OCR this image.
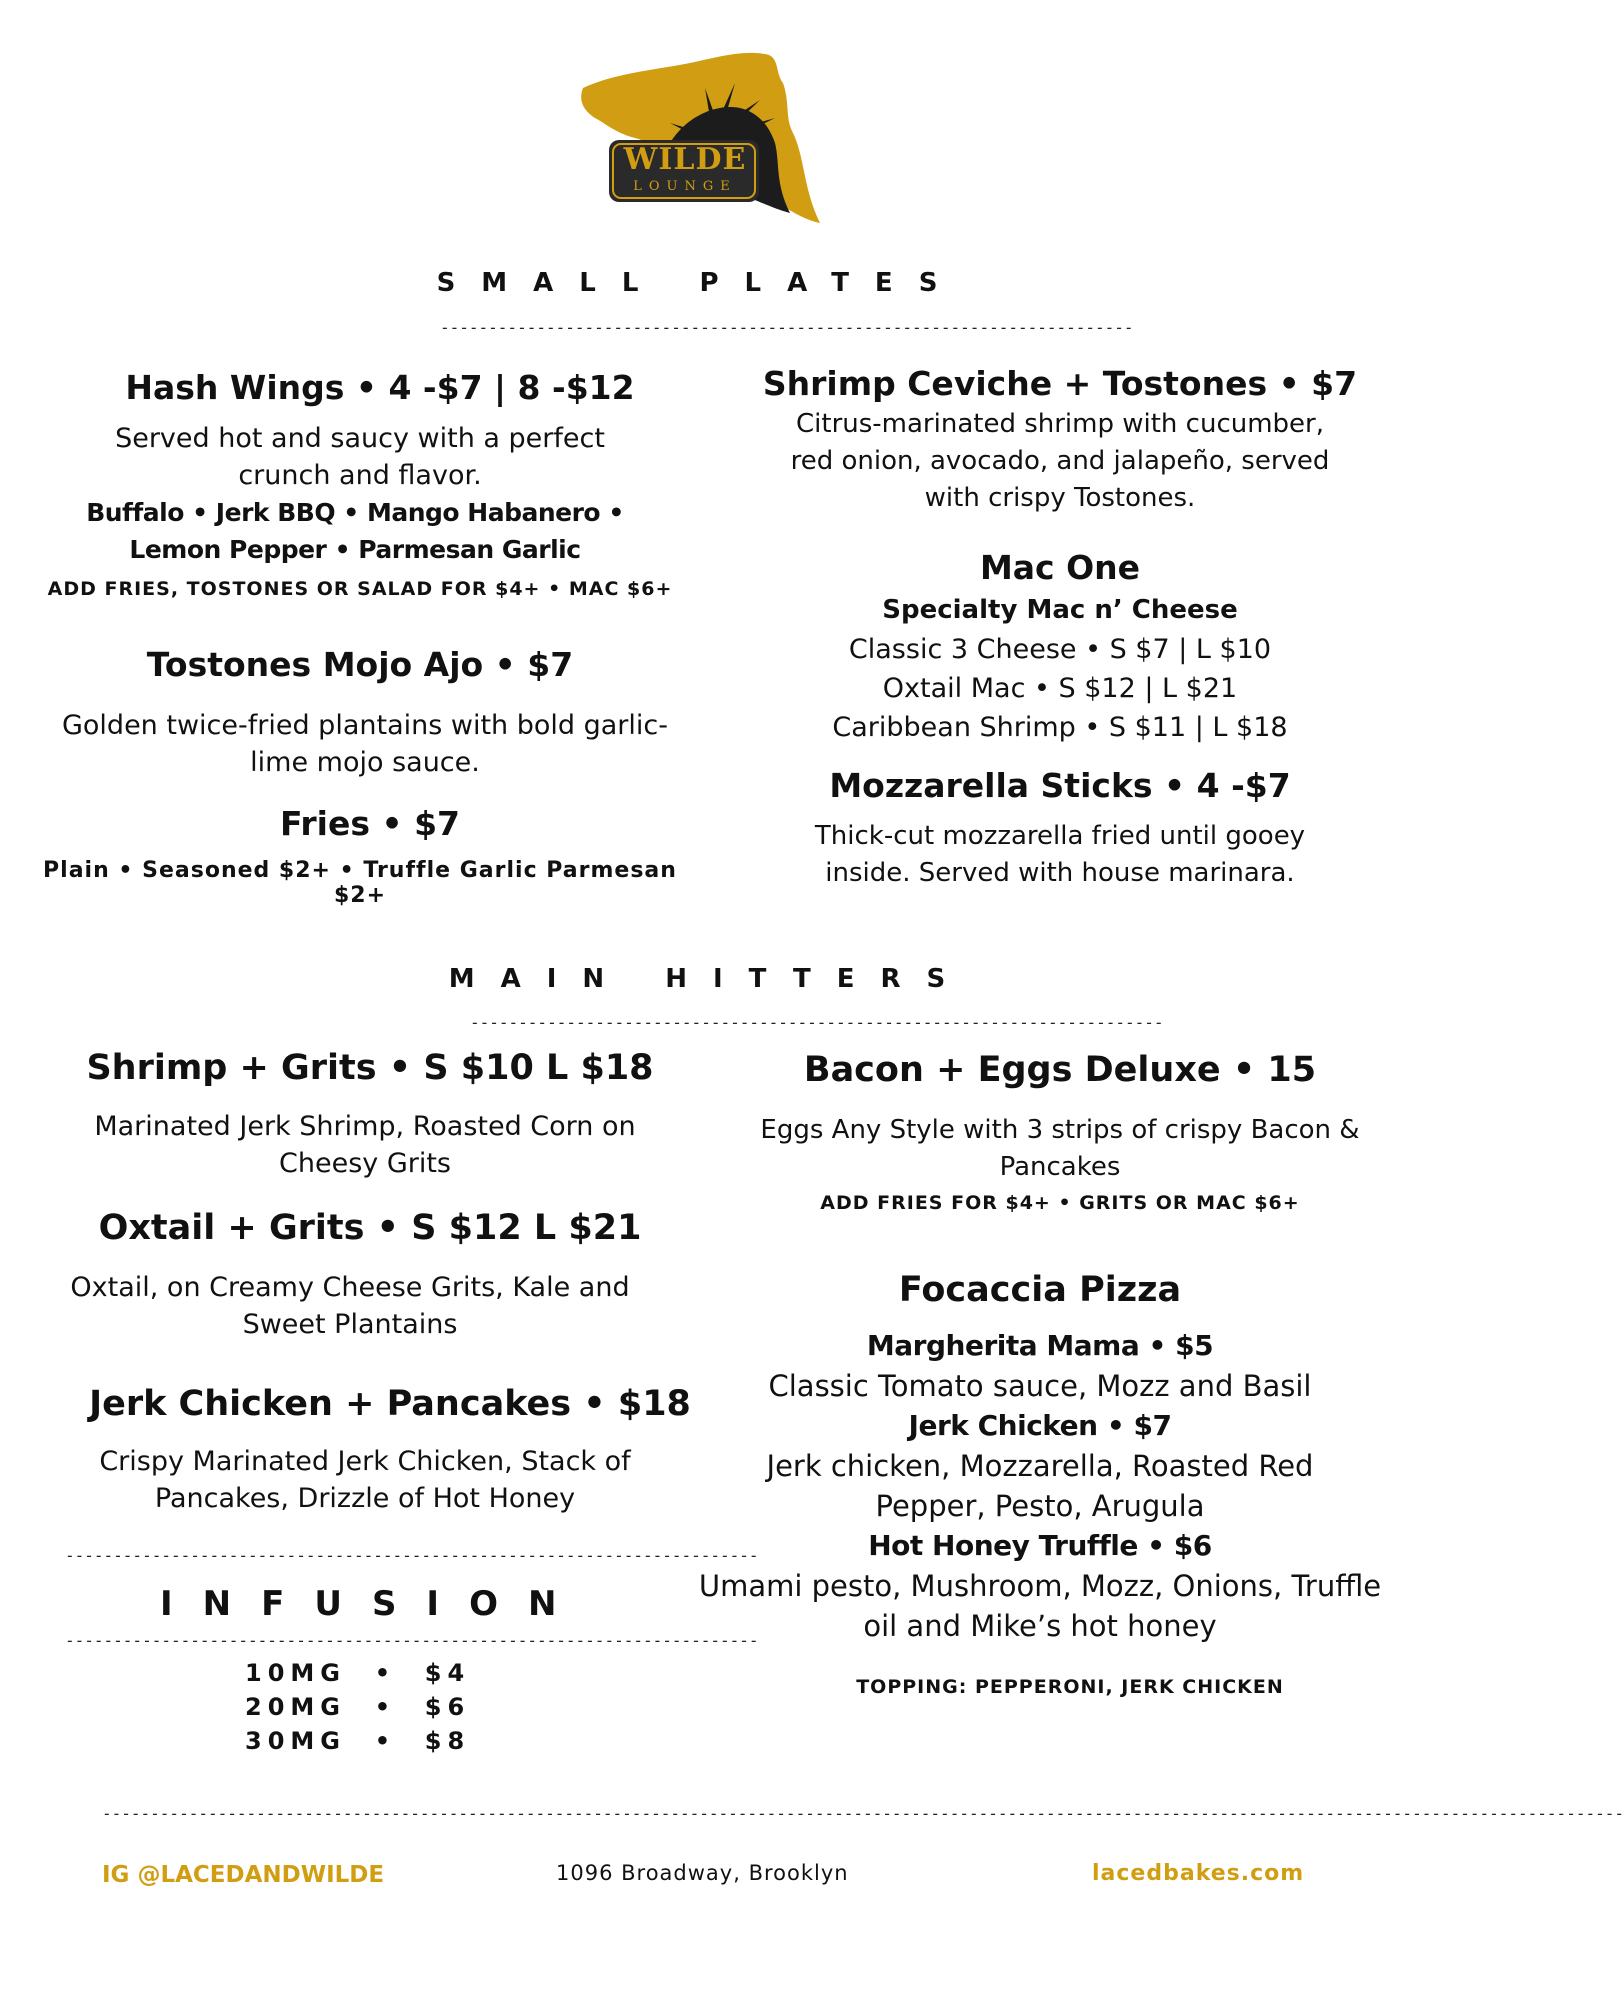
WILDE
LOUNGE
SMALL PLATES
------------------------------------------------------------------------
Hash Wings • 4 -$7 | 8 -$12
Served hot and saucy with a perfect crunch and flavor.
Buffalo • Jerk BBQ • Mango Habanero • Lemon Pepper • Parmesan Garlic
ADD FRIES, TOSTONES OR SALAD FOR $4+ • MAC $6+
Tostones Mojo Ajo • $7
Golden twice-fried plantains with bold garlic-lime mojo sauce.
Fries • $7
Plain • Seasoned $2+ • Truffle Garlic Parmesan $2+
Shrimp Ceviche + Tostones • $7
Citrus-marinated shrimp with cucumber, red onion, avocado, and jalapeño, served with crispy Tostones.
Mac One
Specialty Mac n’ Cheese
Classic 3 Cheese • S $7 | L $10
Oxtail Mac • S $12 | L $21
Caribbean Shrimp • S $11 | L $18
Mozzarella Sticks • 4 -$7
Thick-cut mozzarella fried until gooey inside. Served with house marinara.
MAIN HITTERS
------------------------------------------------------------------------
Shrimp + Grits • S $10 L $18
Marinated Jerk Shrimp, Roasted Corn on Cheesy Grits
Oxtail + Grits • S $12 L $21
Oxtail, on Creamy Cheese Grits, Kale and Sweet Plantains
Jerk Chicken + Pancakes • $18
Crispy Marinated Jerk Chicken, Stack of Pancakes, Drizzle of Hot Honey
------------------------------------------------------------------------
INFUSION
------------------------------------------------------------------------
10MG  •  $4
20MG  •  $6
30MG  •  $8
Bacon + Eggs Deluxe • 15
Eggs Any Style with 3 strips of crispy Bacon & Pancakes
ADD FRIES FOR $4+ • GRITS OR MAC $6+
Focaccia Pizza
Margherita Mama • $5
Classic Tomato sauce, Mozz and Basil
Jerk Chicken • $7
Jerk chicken, Mozzarella, Roasted Red Pepper, Pesto, Arugula
Hot Honey Truffle • $6
Umami pesto, Mushroom, Mozz, Onions, Truffle oil and Mike’s hot honey
TOPPING: PEPPERONI, JERK CHICKEN
--------------------------------------------------------------------------------------------------------------------------------------------------------------
IG @LACEDANDWILDE	1096 Broadway, Brooklyn	lacedbakes.com
